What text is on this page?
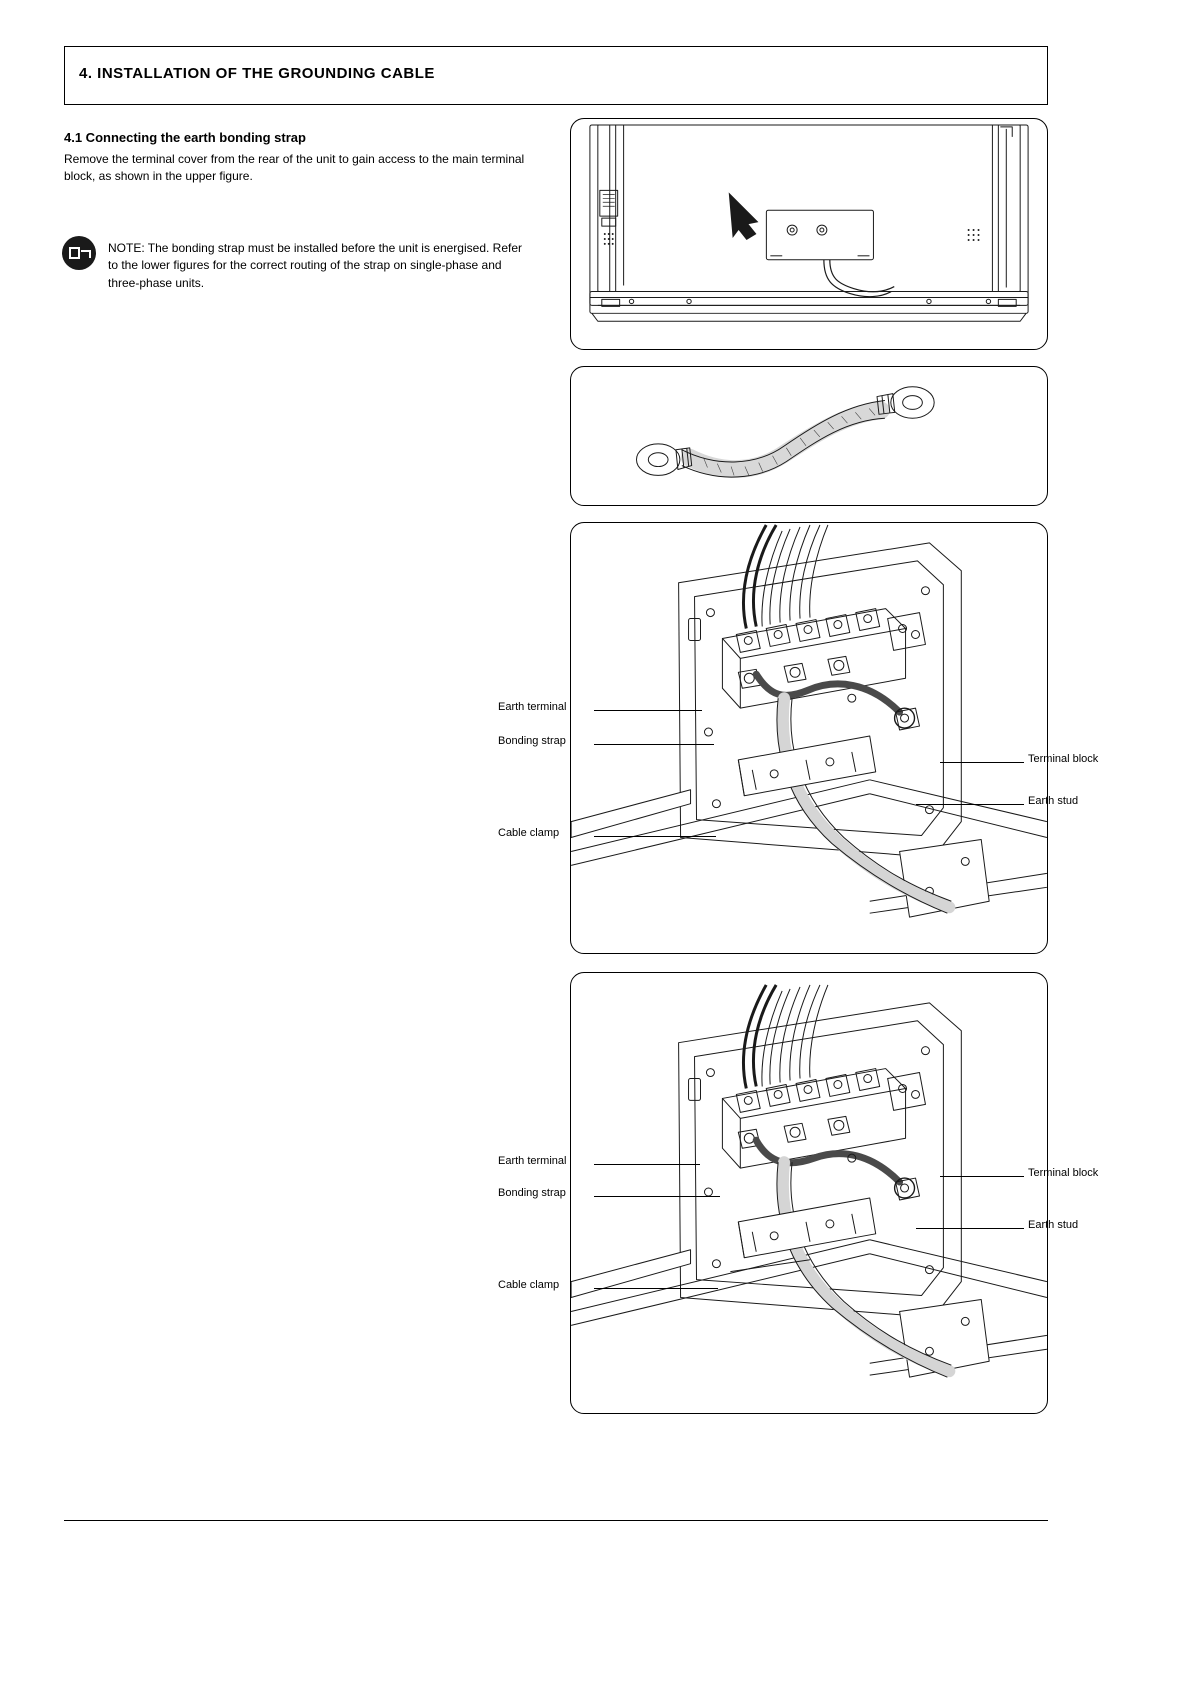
4. INSTALLATION OF THE GROUNDING CABLE
4.1 Connecting the earth bonding strap
Remove the terminal cover from the rear of the unit to gain access to the main terminal block, as shown in the upper figure.
NOTE: The bonding strap must be installed before the unit is energised. Refer to the lower figures for the correct routing of the strap on single-phase and three-phase units.
Earth terminal
Bonding strap
Cable clamp
Terminal block
Earth stud
Earth terminal
Bonding strap
Cable clamp
Terminal block
Earth stud
